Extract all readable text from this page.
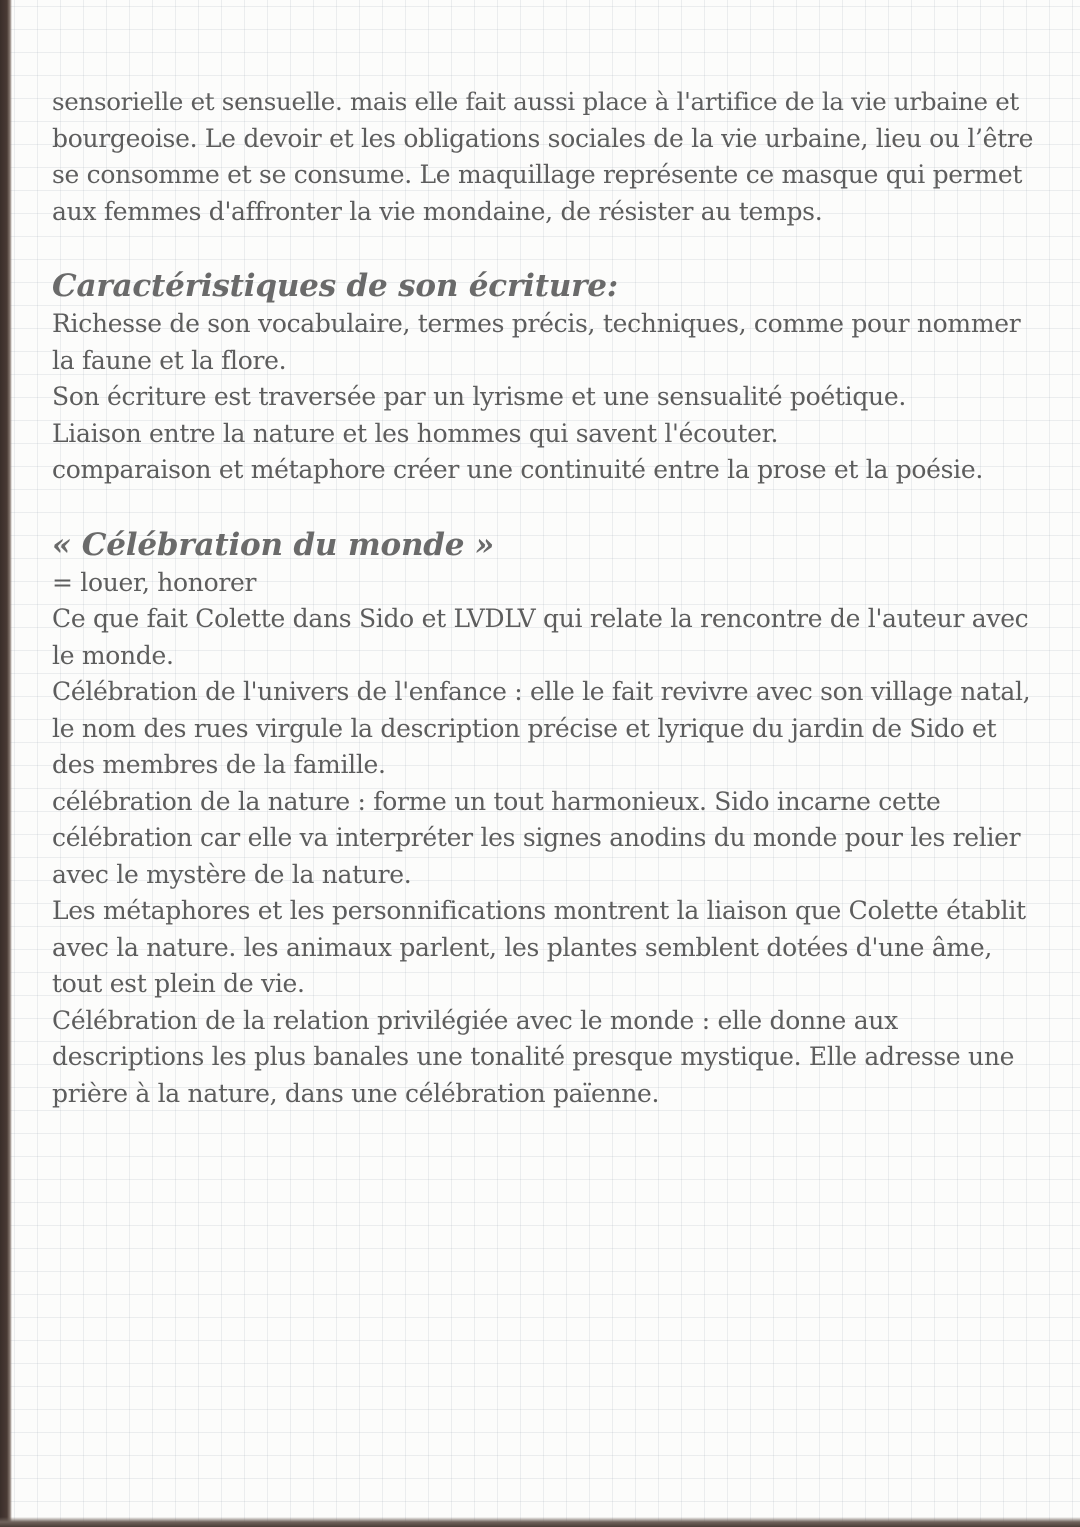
sensorielle et sensuelle. mais elle fait aussi place à l'artifice de la vie urbaine et
bourgeoise. Le devoir et les obligations sociales de la vie urbaine, lieu ou l’être
se consomme et se consume. Le maquillage représente ce masque qui permet
aux femmes d'affronter la vie mondaine, de résister au temps.

Caractéristiques de son écriture:

Richesse de son vocabulaire, termes précis, techniques, comme pour nommer
la faune et la flore.
Son écriture est traversée par un lyrisme et une sensualité poétique.
Liaison entre la nature et les hommes qui savent l'écouter.
comparaison et métaphore créer une continuité entre la prose et la poésie.

« Célébration du monde »

= louer, honorer
Ce que fait Colette dans Sido et LVDLV qui relate la rencontre de l'auteur avec
le monde.
Célébration de l'univers de l'enfance : elle le fait revivre avec son village natal,
le nom des rues virgule la description précise et lyrique du jardin de Sido et
des membres de la famille.
célébration de la nature : forme un tout harmonieux. Sido incarne cette
célébration car elle va interpréter les signes anodins du monde pour les relier
avec le mystère de la nature.
Les métaphores et les personnifications montrent la liaison que Colette établit
avec la nature. les animaux parlent, les plantes semblent dotées d'une âme,
tout est plein de vie.
Célébration de la relation privilégiée avec le monde : elle donne aux
descriptions les plus banales une tonalité presque mystique. Elle adresse une
prière à la nature, dans une célébration païenne.
